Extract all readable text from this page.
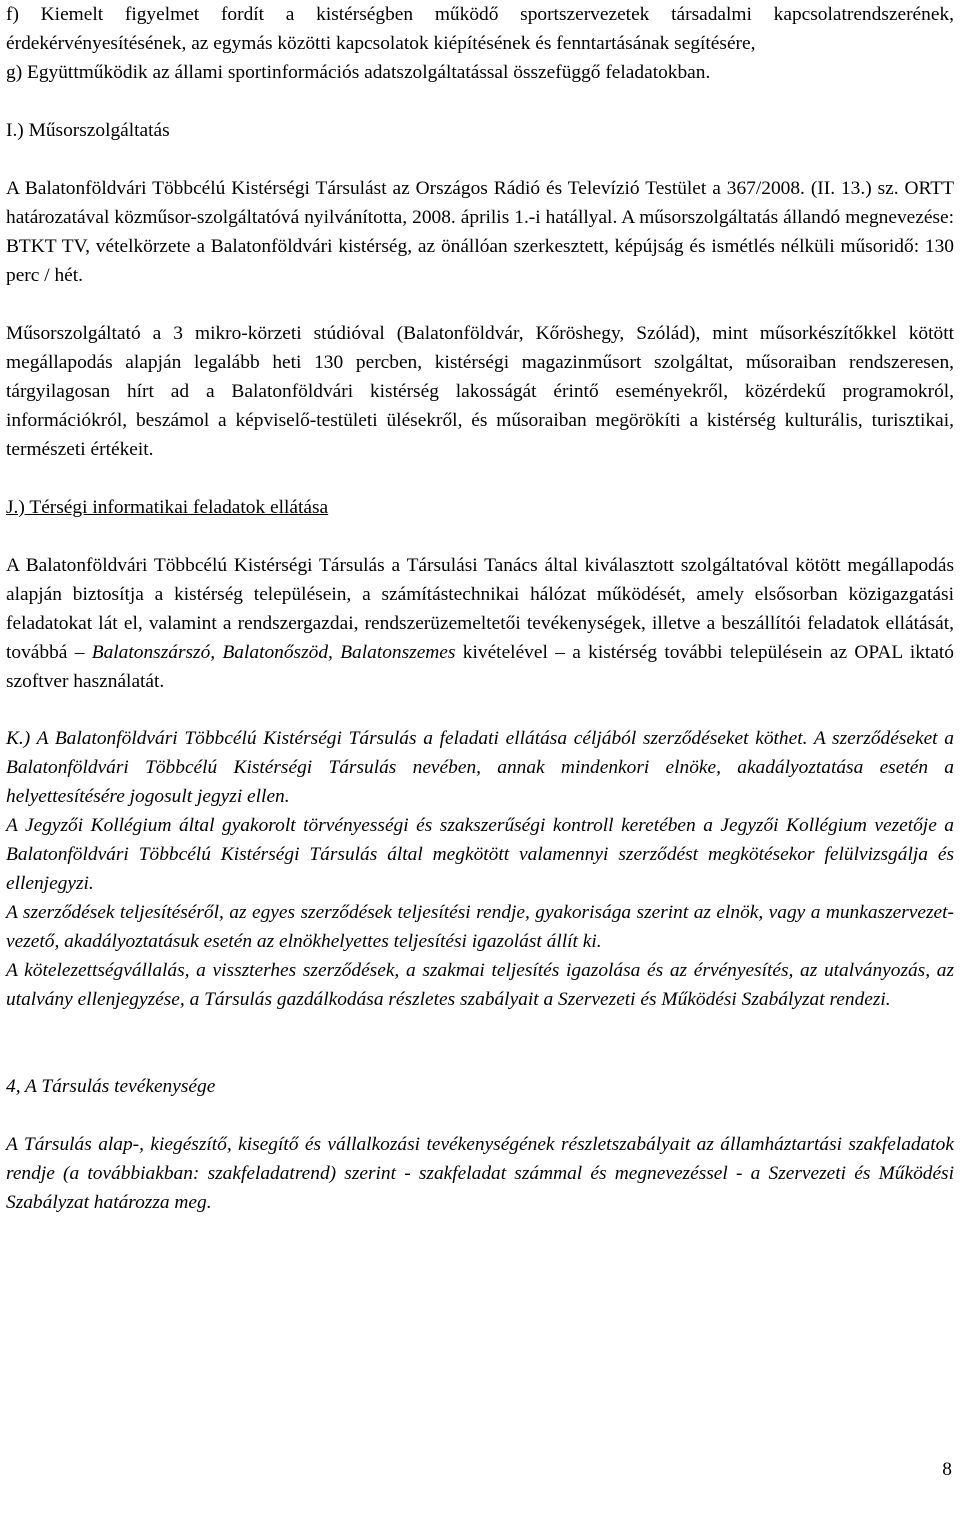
f) Kiemelt figyelmet fordít a kistérségben működő sportszervezetek társadalmi kapcsolatrendszerének, érdekérvényesítésének, az egymás közötti kapcsolatok kiépítésének és fenntartásának segítésére,

g) Együttműködik az állami sportinformációs adatszolgáltatással összefüggő feladatokban.

I.) Műsorszolgáltatás

A Balatonföldvári Többcélú Kistérségi Társulást az Országos Rádió és Televízió Testület a 367/2008. (II. 13.) sz. ORTT határozatával közműsor-szolgáltatóvá nyilvánította, 2008. április 1.-i hatállyal. A műsorszolgáltatás állandó megnevezése: BTKT TV, vételkörzete a Balatonföldvári kistérség, az önállóan szerkesztett, képújság és ismétlés nélküli műsoridő: 130 perc / hét.

Műsorszolgáltató a 3 mikro-körzeti stúdióval (Balatonföldvár, Kőröshegy, Szólád), mint műsorkészítőkkel kötött megállapodás alapján legalább heti 130 percben, kistérségi magazinműsort szolgáltat, műsoraiban rendszeresen, tárgyilagosan hírt ad a Balatonföldvári kistérség lakosságát érintő eseményekről, közérdekű programokról, információkról, beszámol a képviselő-testületi ülésekről, és műsoraiban megörökíti a kistérség kulturális, turisztikai, természeti értékeit.

J.) Térségi informatikai feladatok ellátása

A Balatonföldvári Többcélú Kistérségi Társulás a Társulási Tanács által kiválasztott szolgáltatóval kötött megállapodás alapján biztosítja a kistérség településein, a számítástechnikai hálózat működését, amely elsősorban közigazgatási feladatokat lát el, valamint a rendszergazdai, rendszerüzemeltetői tevékenységek, illetve a beszállítói feladatok ellátását, továbbá – Balatonszárszó, Balatonőszöd, Balatonszemes kivételével – a kistérség további településein az OPAL iktató szoftver használatát.

K.) A Balatonföldvári Többcélú Kistérségi Társulás a feladati ellátása céljából szerződéseket köthet. A szerződéseket a Balatonföldvári Többcélú Kistérségi Társulás nevében, annak mindenkori elnöke, akadályoztatása esetén a helyettesítésére jogosult jegyzi ellen.

A Jegyzői Kollégium által gyakorolt törvényességi és szakszerűségi kontroll keretében a Jegyzői Kollégium vezetője a Balatonföldvári Többcélú Kistérségi Társulás által megkötött valamennyi szerződést megkötésekor felülvizsgálja és ellenjegyzi.

A szerződések teljesítéséről, az egyes szerződések teljesítési rendje, gyakorisága szerint az elnök, vagy a munkaszervezet-vezető, akadályoztatásuk esetén az elnökhelyettes teljesítési igazolást állít ki.

A kötelezettségvállalás, a visszterhes szerződések, a szakmai teljesítés igazolása és az érvényesítés, az utalványozás, az utalvány ellenjegyzése, a Társulás gazdálkodása részletes szabályait a Szervezeti és Működési Szabályzat rendezi.

4, A Társulás tevékenysége

A Társulás alap-, kiegészítő, kisegítő és vállalkozási tevékenységének részletszabályait az államháztartási szakfeladatok rendje (a továbbiakban: szakfeladatrend) szerint - szakfeladat számmal és megnevezéssel - a Szervezeti és Működési Szabályzat határozza meg.

8
